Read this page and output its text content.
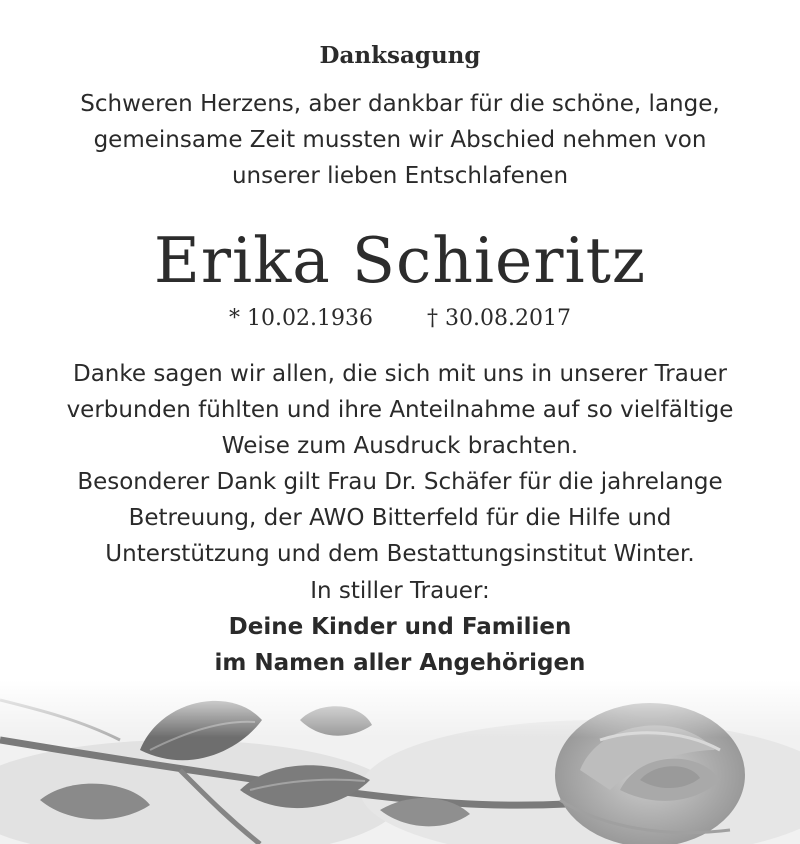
Danksagung
Schweren Herzens, aber dankbar für die schöne, lange,
gemeinsame Zeit mussten wir Abschied nehmen von
unserer lieben Entschlafenen
Erika Schieritz
* 10.02.1936 † 30.08.2017
Danke sagen wir allen, die sich mit uns in unserer Trauer
verbunden fühlten und ihre Anteilnahme auf so vielfältige
Weise zum Ausdruck brachten.
Besonderer Dank gilt Frau Dr. Schäfer für die jahrelange
Betreuung, der AWO Bitterfeld für die Hilfe und
Unterstützung und dem Bestattungsinstitut Winter.
In stiller Trauer:
Deine Kinder und Familien
im Namen aller Angehörigen
